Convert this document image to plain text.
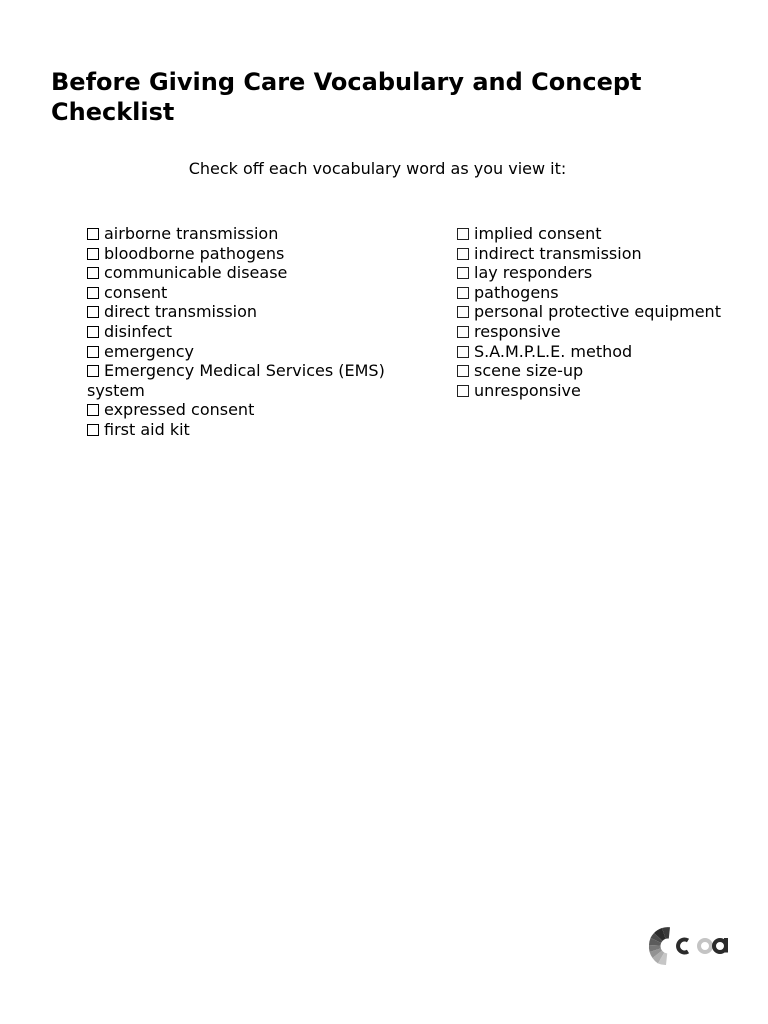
Before Giving Care Vocabulary and Concept Checklist
Check off each vocabulary word as you view it:
airborne transmission
bloodborne pathogens
communicable disease
consent
direct transmission
disinfect
emergency
Emergency Medical Services (EMS) system
expressed consent
first aid kit
implied consent
indirect transmission
lay responders
pathogens
personal protective equipment
responsive
S.A.M.P.L.E. method
scene size-up
unresponsive
cca
